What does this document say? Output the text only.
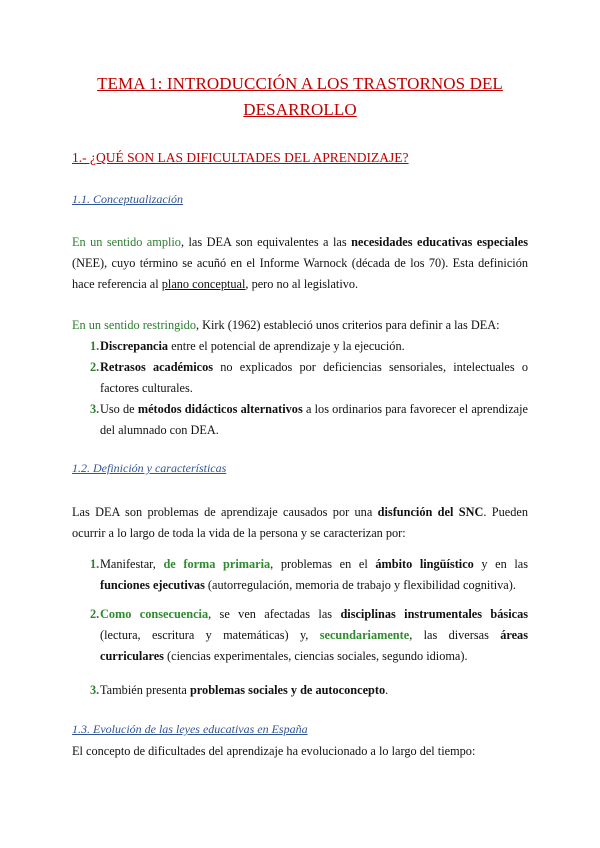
TEMA 1: INTRODUCCIÓN A LOS TRASTORNOS DEL
DESARROLLO
1.- ¿QUÉ SON LAS DIFICULTADES DEL APRENDIZAJE?
1.1. Conceptualización
En un sentido amplio, las DEA son equivalentes a las necesidades educativas especiales (NEE), cuyo término se acuñó en el Informe Warnock (década de los 70). Esta definición hace referencia al plano conceptual, pero no al legislativo.
En un sentido restringido, Kirk (1962) estableció unos criterios para definir a las DEA:
1. Discrepancia entre el potencial de aprendizaje y la ejecución.
2. Retrasos académicos no explicados por deficiencias sensoriales, intelectuales o factores culturales.
3. Uso de métodos didácticos alternativos a los ordinarios para favorecer el aprendizaje del alumnado con DEA.
1.2. Definición y características
Las DEA son problemas de aprendizaje causados por una disfunción del SNC. Pueden ocurrir a lo largo de toda la vida de la persona y se caracterizan por:
1. Manifestar, de forma primaria, problemas en el ámbito lingüístico y en las funciones ejecutivas (autorregulación, memoria de trabajo y flexibilidad cognitiva).
2. Como consecuencia, se ven afectadas las disciplinas instrumentales básicas (lectura, escritura y matemáticas) y, secundariamente, las diversas áreas curriculares (ciencias experimentales, ciencias sociales, segundo idioma).
3. También presenta problemas sociales y de autoconcepto.
1.3. Evolución de las leyes educativas en España
El concepto de dificultades del aprendizaje ha evolucionado a lo largo del tiempo:
